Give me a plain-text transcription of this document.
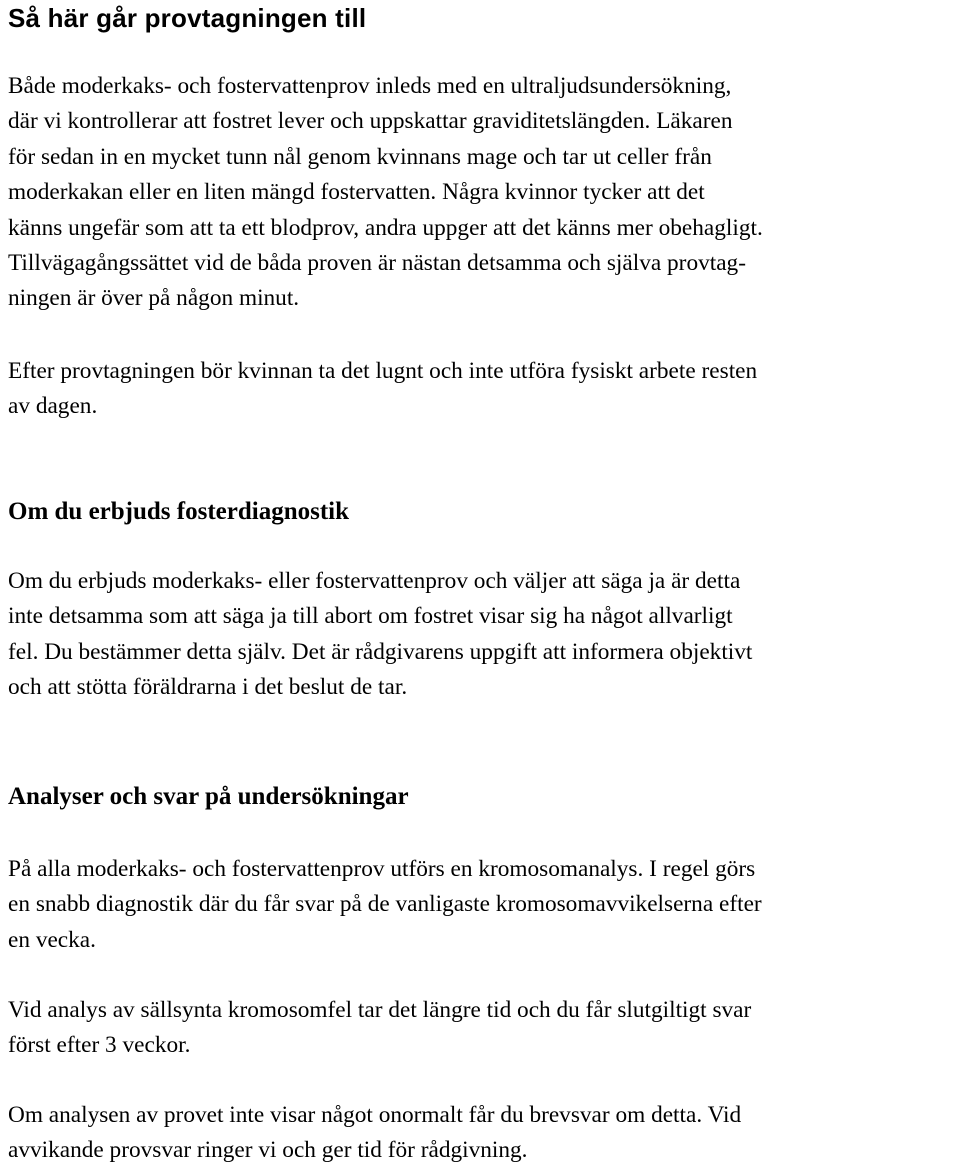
Så här går provtagningen till

Både moderkaks- och fostervattenprov inleds med en ultraljudsundersökning,
där vi kontrollerar att fostret lever och uppskattar graviditetslängden. Läkaren
för sedan in en mycket tunn nål genom kvinnans mage och tar ut celler från
moderkakan eller en liten mängd fostervatten. Några kvinnor tycker att det
känns ungefär som att ta ett blodprov, andra uppger att det känns mer obehagligt.
Tillvägagångssättet vid de båda proven är nästan detsamma och själva provtag-
ningen är över på någon minut.

Efter provtagningen bör kvinnan ta det lugnt och inte utföra fysiskt arbete resten
av dagen.

Om du erbjuds fosterdiagnostik

Om du erbjuds moderkaks- eller fostervattenprov och väljer att säga ja är detta
inte detsamma som att säga ja till abort om fostret visar sig ha något allvarligt
fel. Du bestämmer detta själv. Det är rådgivarens uppgift att informera objektivt
och att stötta föräldrarna i det beslut de tar.

Analyser och svar på undersökningar

På alla moderkaks- och fostervattenprov utförs en kromosomanalys. I regel görs
en snabb diagnostik där du får svar på de vanligaste kromosomavvikelserna efter
en vecka.

Vid analys av sällsynta kromosomfel tar det längre tid och du får slutgiltigt svar
först efter 3 veckor.

Om analysen av provet inte visar något onormalt får du brevsvar om detta. Vid
avvikande provsvar ringer vi och ger tid för rådgivning.
